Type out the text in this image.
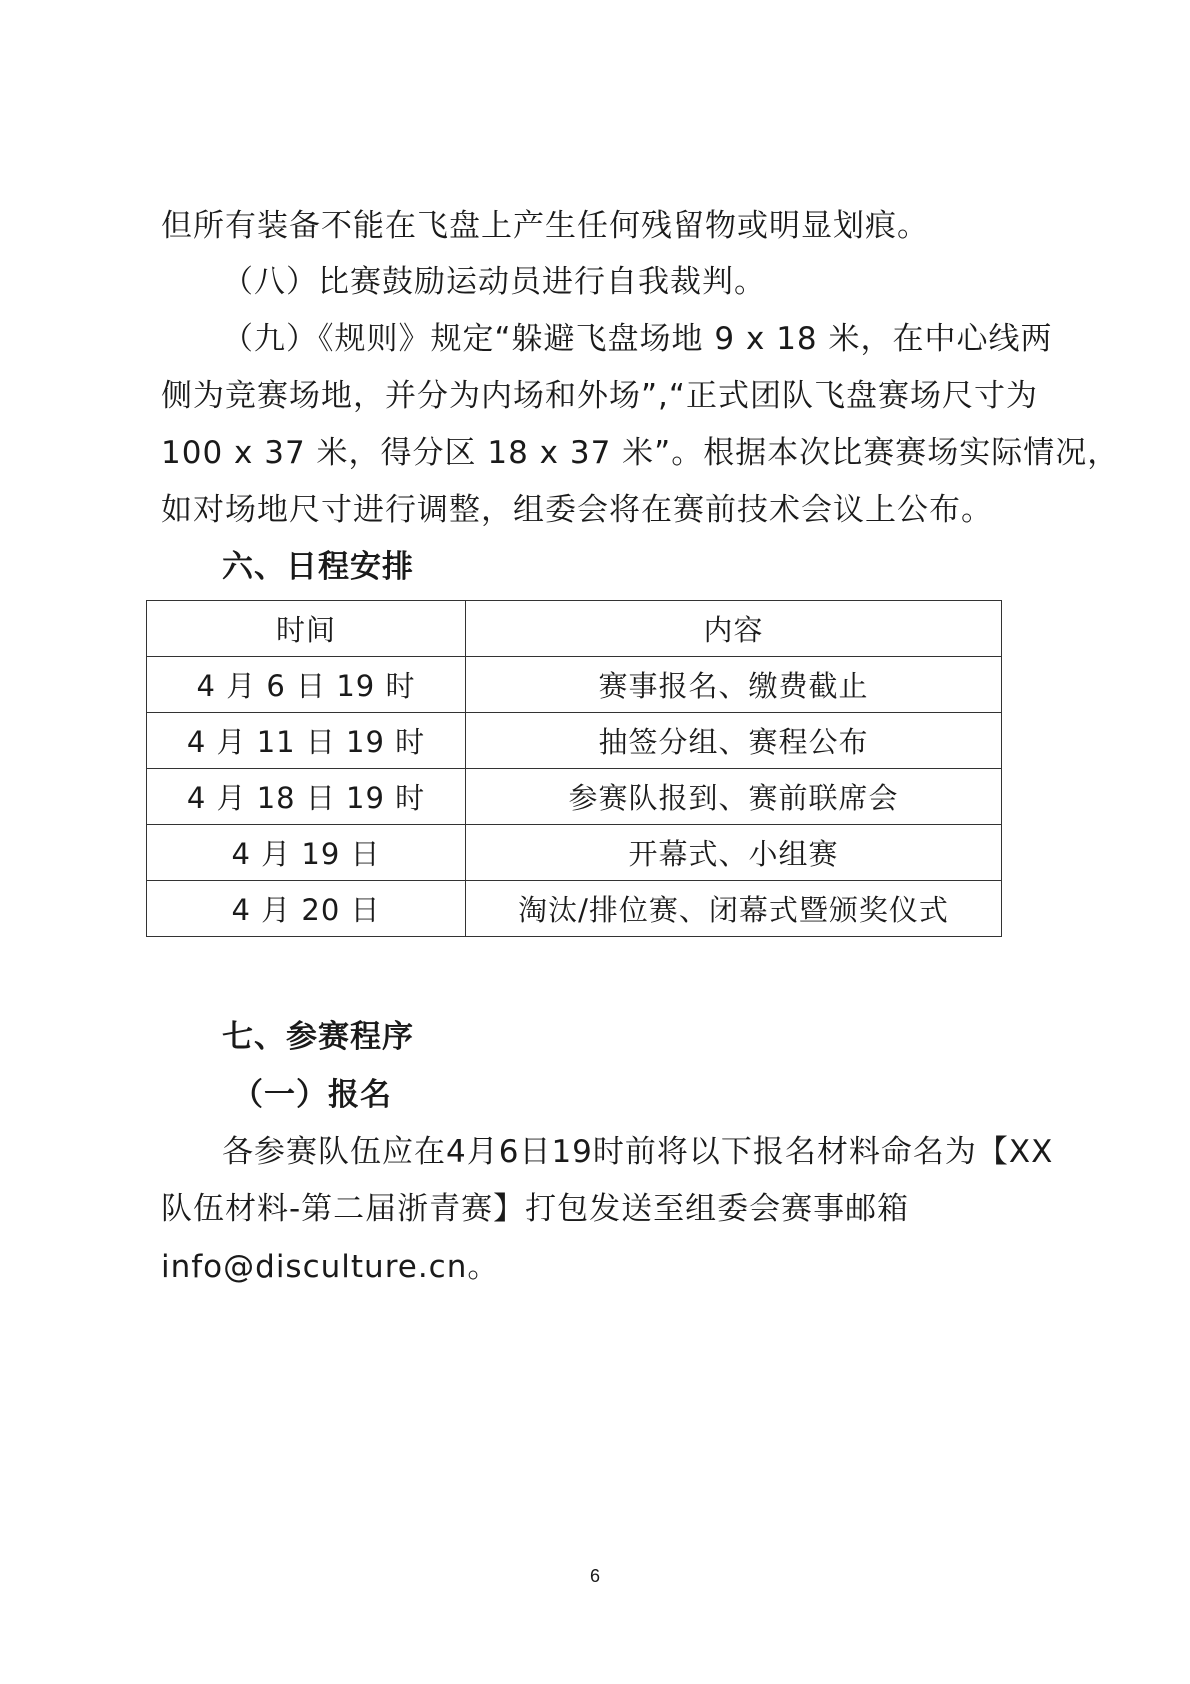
但所有装备不能在飞盘上产生任何残留物或明显划痕。
（八）比赛鼓励运动员进行自我裁判。
（九）《规则》规定“躲避飞盘场地 9 x 18 米，在中心线两
侧为竞赛场地，并分为内场和外场”,“正式团队飞盘赛场尺寸为
100 x 37 米，得分区 18 x 37 米”。根据本次比赛赛场实际情况，
如对场地尺寸进行调整，组委会将在赛前技术会议上公布。
六、日程安排
时间	内容
4 月 6 日 19 时	赛事报名、缴费截止
4 月 11 日 19 时	抽签分组、赛程公布
4 月 18 日 19 时	参赛队报到、赛前联席会
4 月 19 日	开幕式、小组赛
4 月 20 日	淘汰/排位赛、闭幕式暨颁奖仪式
七、参赛程序
（一）报名
各参赛队伍应在4月6日19时前将以下报名材料命名为【XX
队伍材料-第二届浙青赛】打包发送至组委会赛事邮箱
info@disculture.cn。
6
